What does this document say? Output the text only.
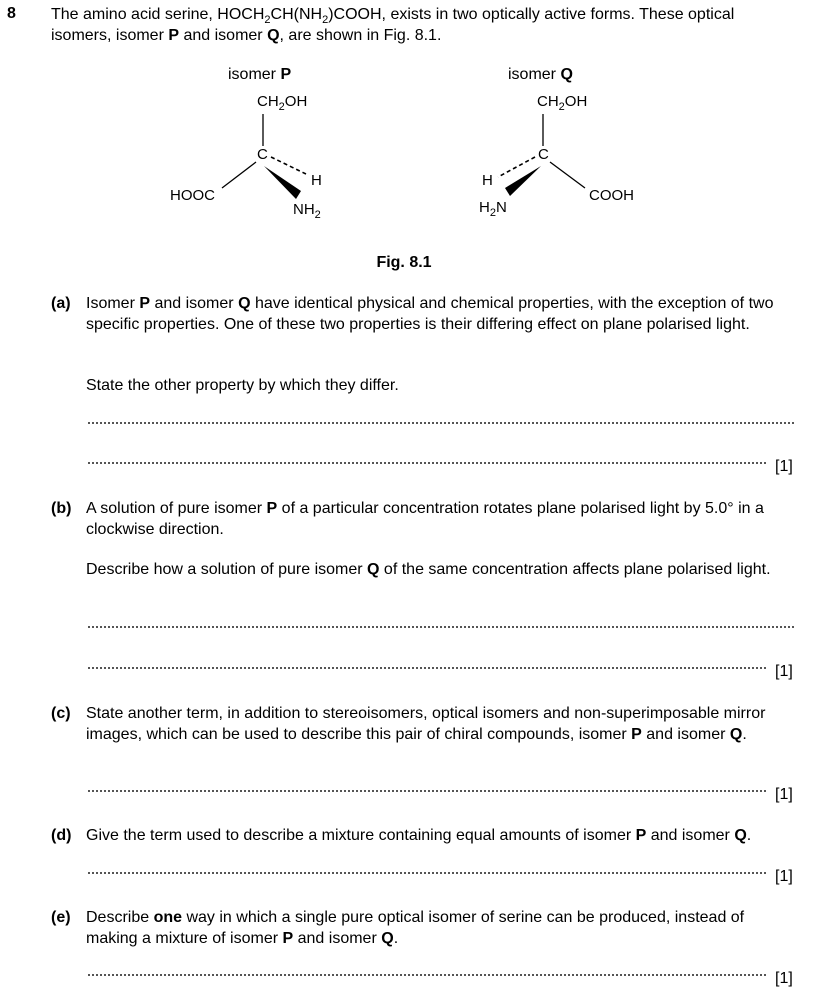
8 The amino acid serine, $HOCH_2CH(NH_2)COOH$, exists in two optically active forms. These optical isomers, isomer P and isomer Q, are shown in Fig. 8.1.
isomer P	isomer Q
$CH_2OH$
C
HOOC
H
$NH_2$
$CH_2OH$
C
COOH
H
$H_2N$
Fig. 8.1
(a) Isomer P and isomer Q have identical physical and chemical properties, with the exception of two specific properties. One of these two properties is their differing effect on plane polarised light.
State the other property by which they differ.
[1]
(b) A solution of pure isomer P of a particular concentration rotates plane polarised light by 5.0° in a clockwise direction.
Describe how a solution of pure isomer Q of the same concentration affects plane polarised light.
[1]
(c) State another term, in addition to stereoisomers, optical isomers and non-superimposable mirror images, which can be used to describe this pair of chiral compounds, isomer P and isomer Q.
[1]
(d) Give the term used to describe a mixture containing equal amounts of isomer P and isomer Q.
[1]
(e) Describe one way in which a single pure optical isomer of serine can be produced, instead of making a mixture of isomer P and isomer Q.
[1]
